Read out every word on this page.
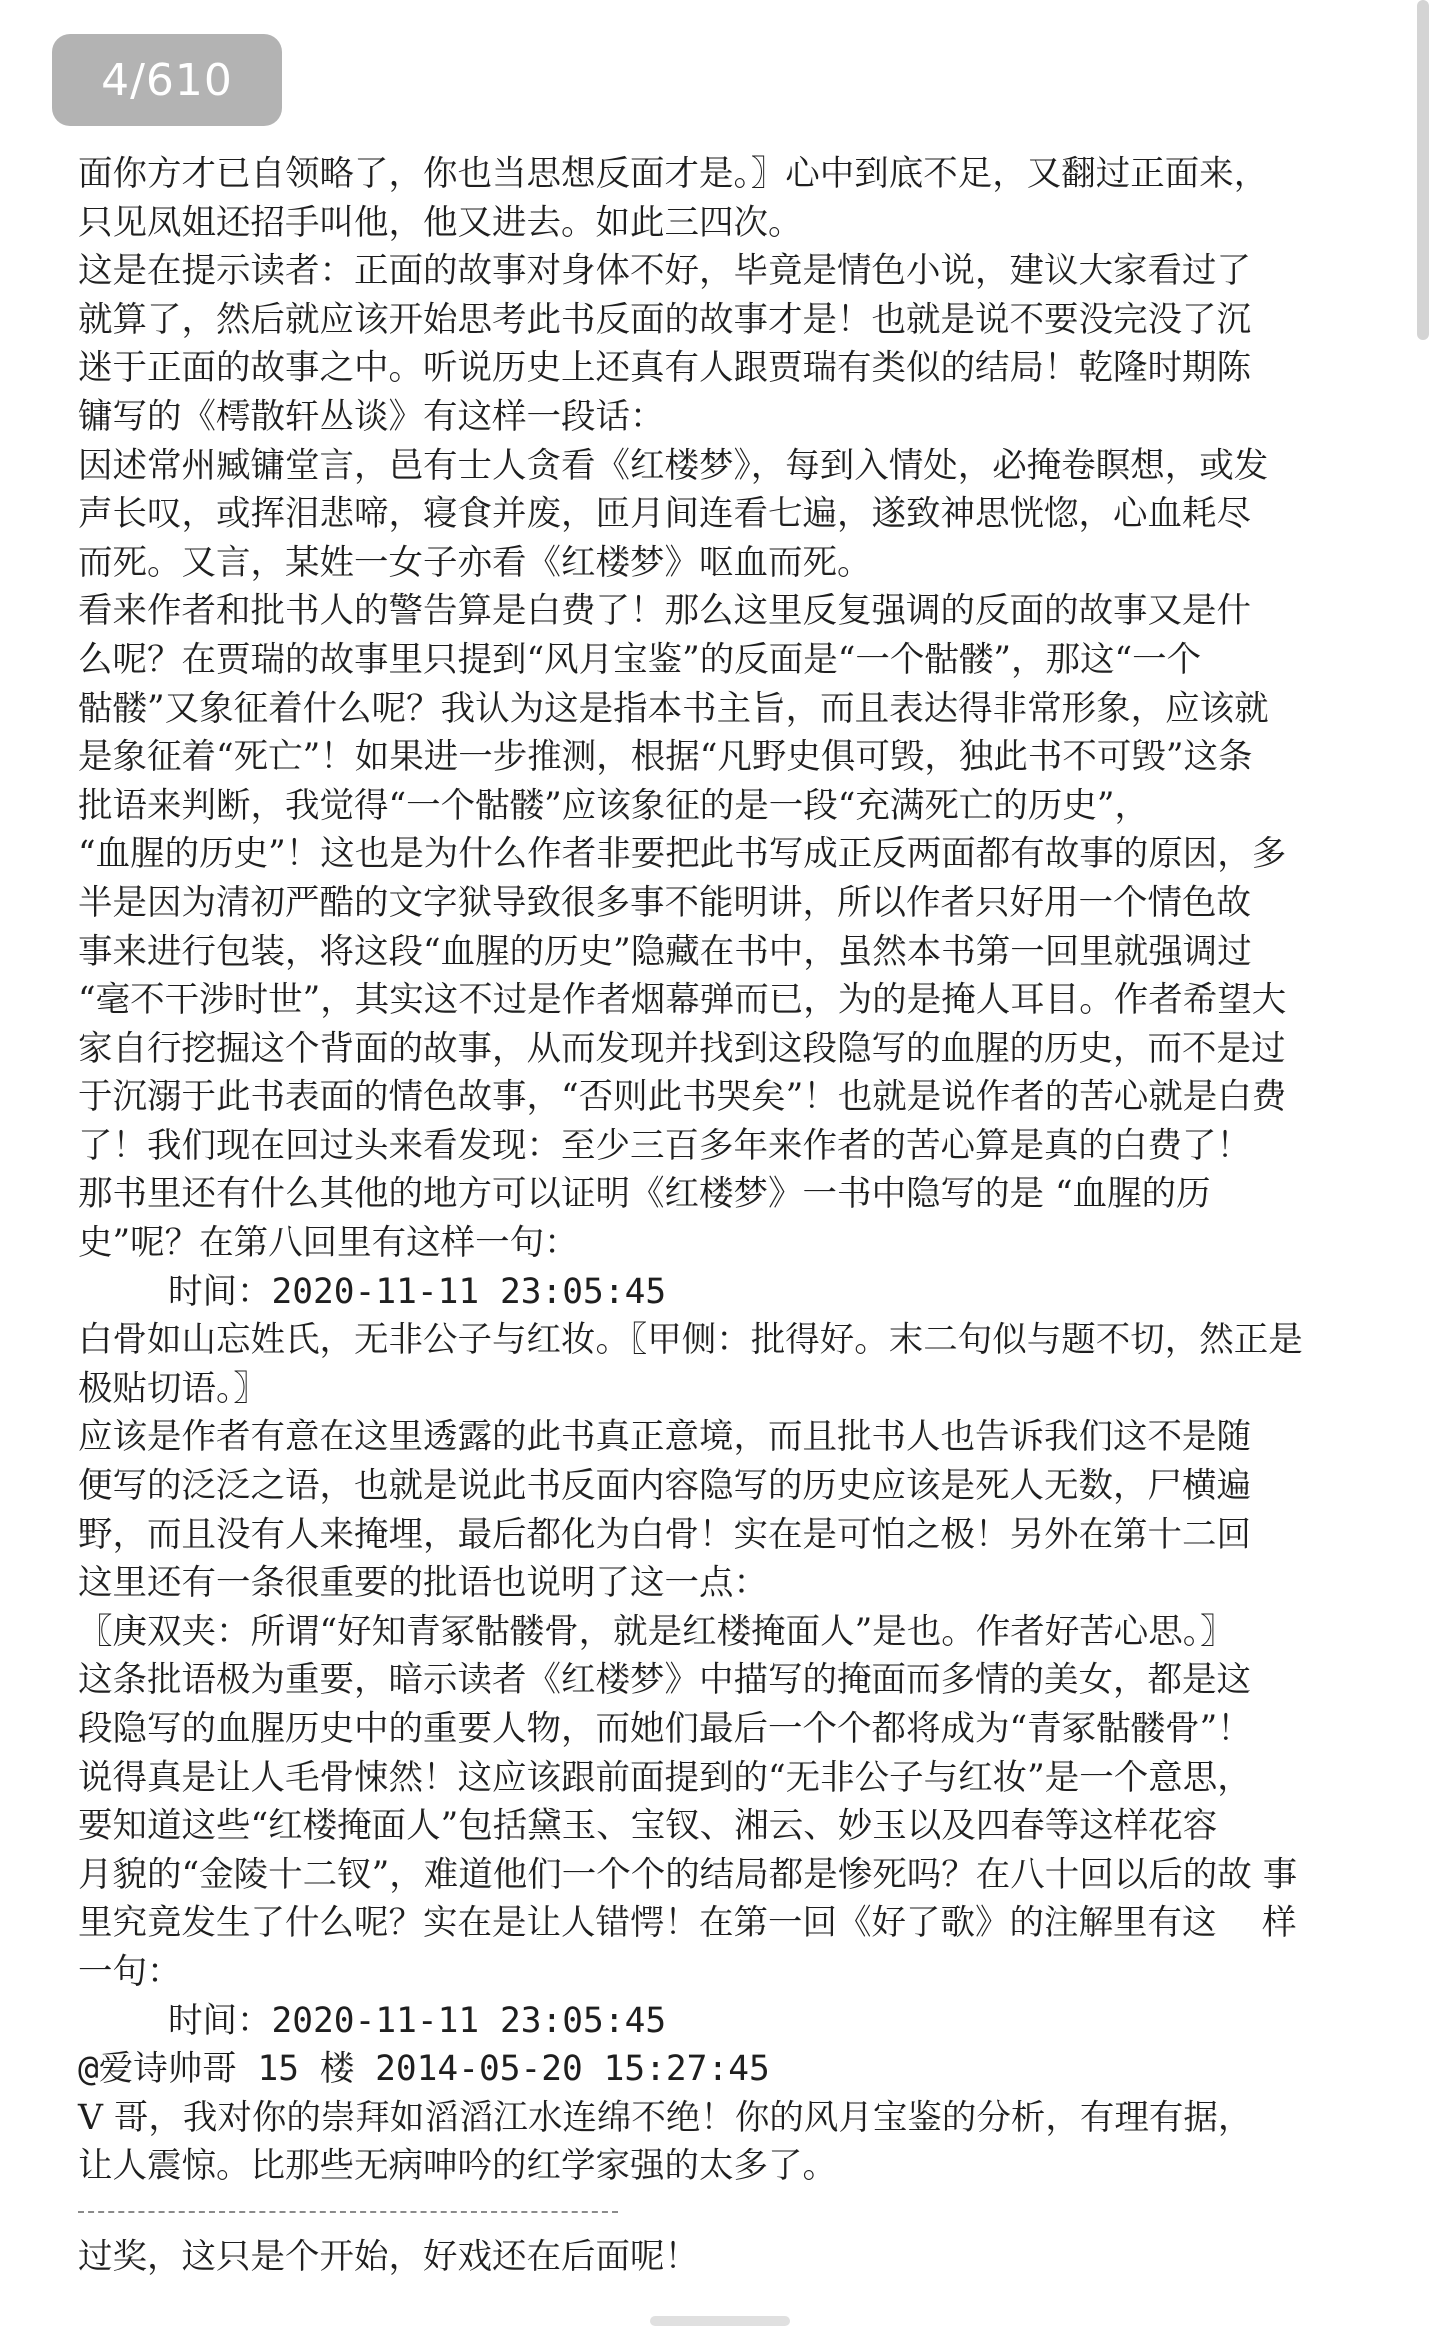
4/610
面你方才已自领略了，你也当思想反面才是。〗心中到底不足，又翻过正面来，
只见凤姐还招手叫他，他又进去。如此三四次。
这是在提示读者：正面的故事对身体不好，毕竟是情色小说，建议大家看过了
就算了，然后就应该开始思考此书反面的故事才是！也就是说不要没完没了沉
迷于正面的故事之中。听说历史上还真有人跟贾瑞有类似的结局！乾隆时期陈
镛写的《樗散轩丛谈》有这样一段话：
因述常州臧镛堂言，邑有士人贪看《红楼梦》，每到入情处，必掩卷瞑想，或发
声长叹，或挥泪悲啼，寝食并废，匝月间连看七遍，遂致神思恍惚，心血耗尽
而死。又言，某姓一女子亦看《红楼梦》呕血而死。
看来作者和批书人的警告算是白费了！那么这里反复强调的反面的故事又是什
么呢？在贾瑞的故事里只提到“风月宝鉴”的反面是“一个骷髅”，那这“一个
骷髅”又象征着什么呢？我认为这是指本书主旨，而且表达得非常形象，应该就
是象征着“死亡”！如果进一步推测，根据“凡野史俱可毁，独此书不可毁”这条
批语来判断，我觉得“一个骷髅”应该象征的是一段“充满死亡的历史”，
“血腥的历史”！这也是为什么作者非要把此书写成正反两面都有故事的原因，多
半是因为清初严酷的文字狱导致很多事不能明讲，所以作者只好用一个情色故
事来进行包装，将这段“血腥的历史”隐藏在书中，虽然本书第一回里就强调过
“毫不干涉时世”，其实这不过是作者烟幕弹而已，为的是掩人耳目。作者希望大
家自行挖掘这个背面的故事，从而发现并找到这段隐写的血腥的历史，而不是过
于沉溺于此书表面的情色故事，“否则此书哭矣”！也就是说作者的苦心就是白费
了！我们现在回过头来看发现：至少三百多年来作者的苦心算是真的白费了！
那书里还有什么其他的地方可以证明《红楼梦》一书中隐写的是 “血腥的历
史”呢？在第八回里有这样一句：
时间：2020-11-11 23:05:45
白骨如山忘姓氏，无非公子与红妆。〖甲侧：批得好。末二句似与题不切，然正是
极贴切语。〗
应该是作者有意在这里透露的此书真正意境，而且批书人也告诉我们这不是随
便写的泛泛之语，也就是说此书反面内容隐写的历史应该是死人无数，尸横遍
野，而且没有人来掩埋，最后都化为白骨！实在是可怕之极！另外在第十二回
这里还有一条很重要的批语也说明了这一点：
〖庚双夹：所谓“好知青冢骷髅骨，就是红楼掩面人”是也。作者好苦心思。〗
这条批语极为重要，暗示读者《红楼梦》中描写的掩面而多情的美女，都是这
段隐写的血腥历史中的重要人物，而她们最后一个个都将成为“青冢骷髅骨”！
说得真是让人毛骨悚然！这应该跟前面提到的“无非公子与红妆”是一个意思，
要知道这些“红楼掩面人”包括黛玉、宝钗、湘云、妙玉以及四春等这样花容
月貌的“金陵十二钗”，难道他们一个个的结局都是惨死吗？在八十回以后的故 事
里究竟发生了什么呢？实在是让人错愕！在第一回《好了歌》的注解里有这　 样
一句：
时间：2020-11-11 23:05:45
@爱诗帅哥 15 楼 2014-05-20 15:27:45
V 哥，我对你的崇拜如滔滔江水连绵不绝！你的风月宝鉴的分析，有理有据，
让人震惊。比那些无病呻吟的红学家强的太多了。
过奖，这只是个开始，好戏还在后面呢！
